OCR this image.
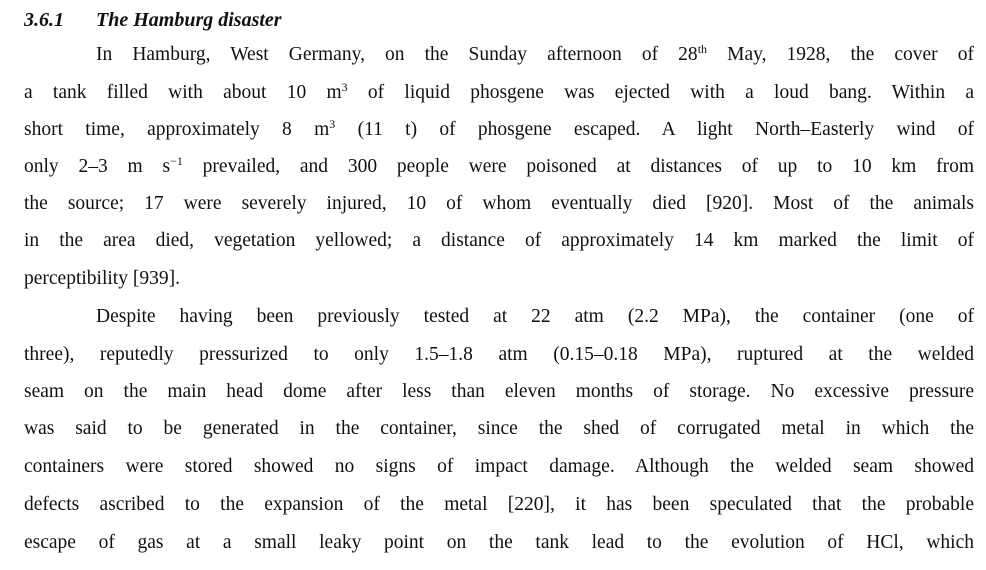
3.6.1 The Hamburg disaster
In Hamburg, West Germany, on the Sunday afternoon of 28th May, 1928, the cover of
a tank filled with about 10 $m^3$ of liquid phosgene was ejected with a loud bang. Within a
short time, approximately 8 $m^3$ (11 t) of phosgene escaped. A light North–Easterly wind of
only 2–3 m $s^{-1}$ prevailed, and 300 people were poisoned at distances of up to 10 km from
the source; 17 were severely injured, 10 of whom eventually died [920]. Most of the animals
in the area died, vegetation yellowed; a distance of approximately 14 km marked the limit of
perceptibility [939].
Despite having been previously tested at 22 atm (2.2 MPa), the container (one of
three), reputedly pressurized to only 1.5–1.8 atm (0.15–0.18 MPa), ruptured at the welded
seam on the main head dome after less than eleven months of storage. No excessive pressure
was said to be generated in the container, since the shed of corrugated metal in which the
containers were stored showed no signs of impact damage. Although the welded seam showed
defects ascribed to the expansion of the metal [220], it has been speculated that the probable
escape of gas at a small leaky point on the tank lead to the evolution of HCl, which
